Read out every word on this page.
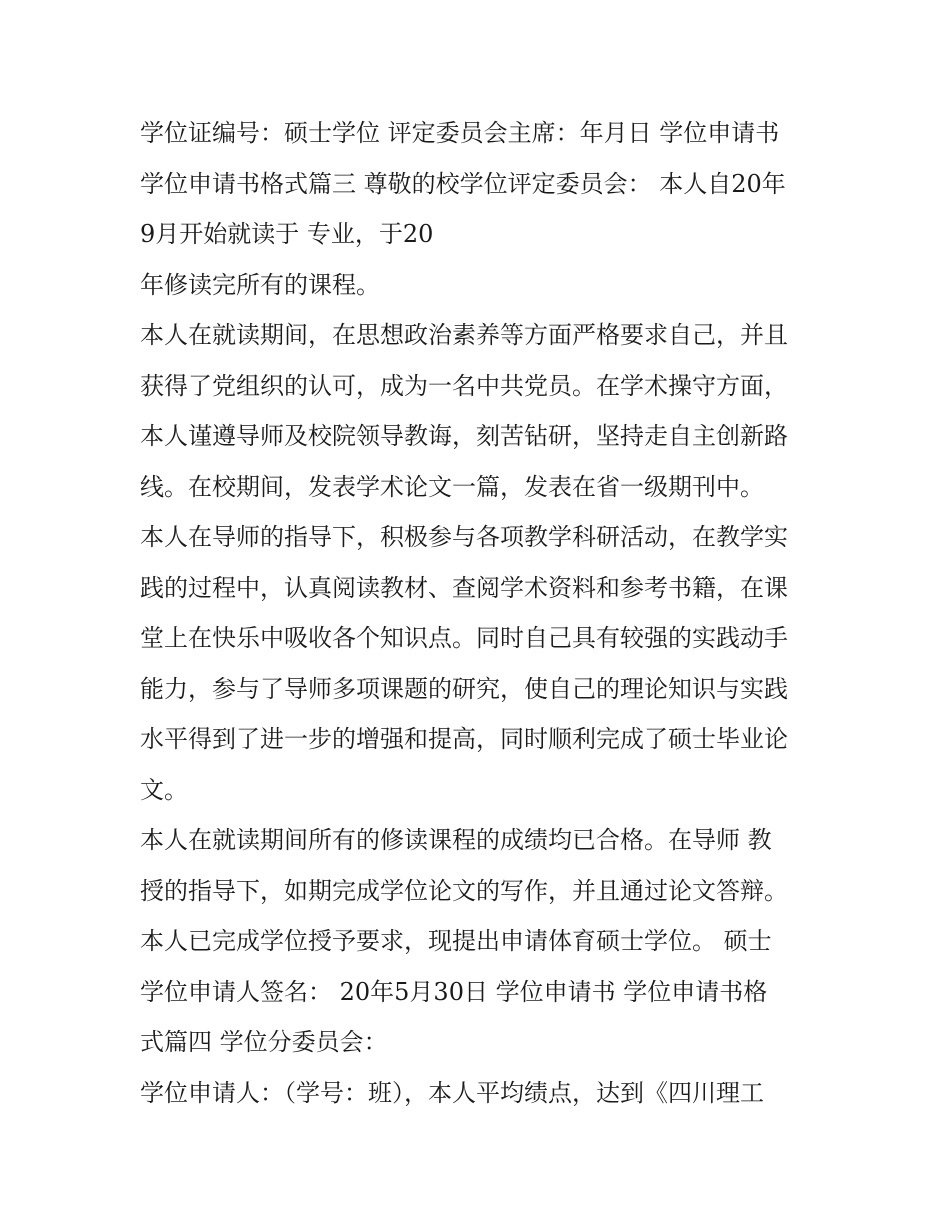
学位证编号：硕士学位 评定委员会主席：年月日 学位申请书
学位申请书格式篇三 尊敬的校学位评定委员会： 本人自20年
9月开始就读于 专业，于20
年修读完所有的课程。
本人在就读期间，在思想政治素养等方面严格要求自己，并且
获得了党组织的认可，成为一名中共党员。在学术操守方面，
本人谨遵导师及校院领导教诲，刻苦钻研，坚持走自主创新路
线。在校期间，发表学术论文一篇，发表在省一级期刊中。
本人在导师的指导下，积极参与各项教学科研活动，在教学实
践的过程中，认真阅读教材、查阅学术资料和参考书籍，在课
堂上在快乐中吸收各个知识点。同时自己具有较强的实践动手
能力，参与了导师多项课题的研究，使自己的理论知识与实践
水平得到了进一步的增强和提高，同时顺利完成了硕士毕业论
文。
本人在就读期间所有的修读课程的成绩均已合格。在导师 教
授的指导下，如期完成学位论文的写作，并且通过论文答辩。
本人已完成学位授予要求，现提出申请体育硕士学位。 硕士
学位申请人签名： 20年5月30日 学位申请书 学位申请书格
式篇四 学位分委员会：
学位申请人：（学号：班），本人平均绩点，达到《四川理工
